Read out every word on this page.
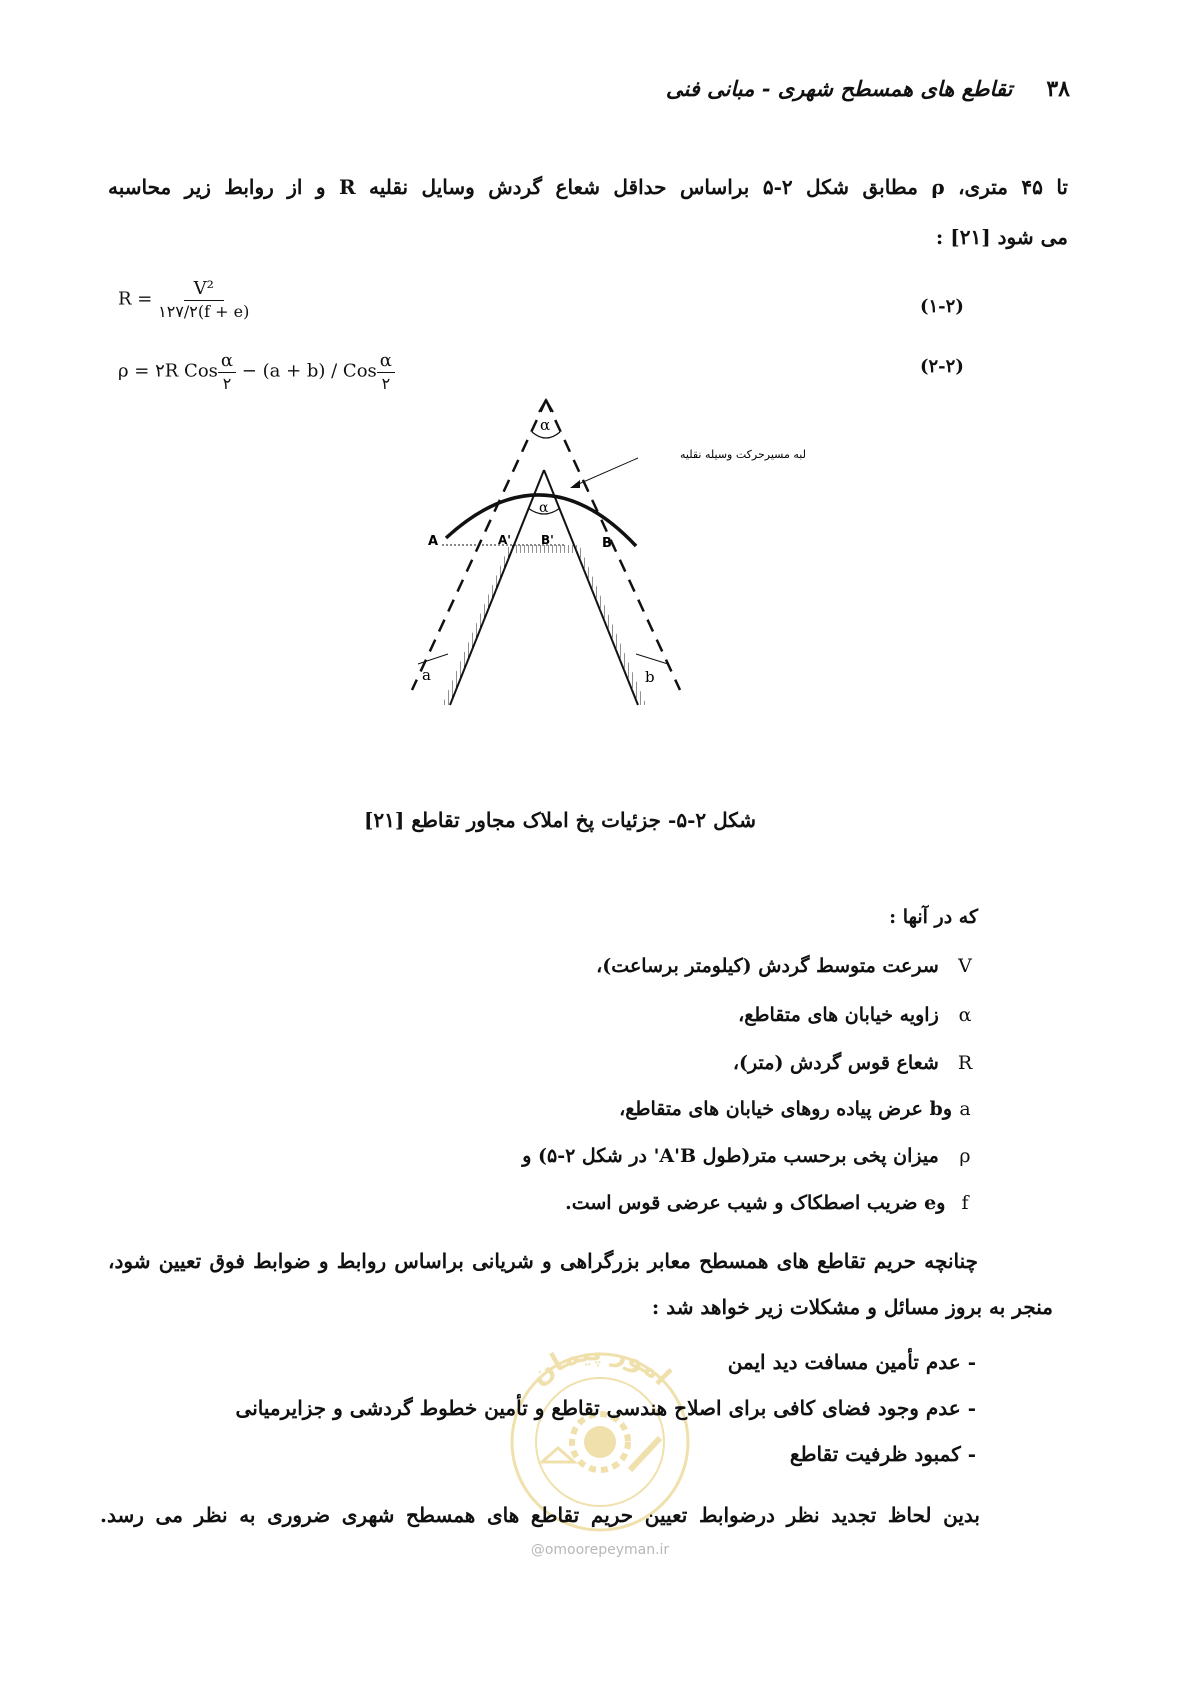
۳۸تقاطع های همسطح شهری - مبانی فنی
تا ۴۵ متری، ρ مطابق شکل ۲-۵ براساس حداقل شعاع گردش وسایل نقلیه R و از روابط زیر محاسبه
می شود [۲۱] :
$R = \frac{\text{V²}}{۱۲۷/۲(f + e)}$	(۱-۲)
ρ = ۲R Cos $\frac{\alpha}{۲} - (a + b)$ / Cos $\frac{\alpha}{۲}$	(۲-۲)
α
α
لبه مسیرحرکت وسیله نقلیه
A	A'	B'	B
a	b
شکل ۲-۵- جزئیات پخ املاک مجاور تقاطع [۲۱]
که در آنها :
V  سرعت متوسط گردش (کیلومتر برساعت)،
α  زاویه خیابان های متقاطع،
R  شعاع قوس گردش (متر)،
aوb عرض پیاده روهای خیابان های متقاطع،
ρ  میزان پخی برحسب متر(طول A'B' در شکل ۲-۵) و
f وe ضریب اصطکاک و شیب عرضی قوس است.
چنانچه حریم تقاطع های همسطح معابر بزرگراهی و شریانی براساس روابط و ضوابط فوق تعیین شود،
منجر به بروز مسائل و مشکلات زیر خواهد شد :
امور پیمان
- عدم تأمین مسافت دید ایمن
- عدم وجود فضای کافی برای اصلاح هندسی تقاطع و تأمین خطوط گردشی و جزایرمیانی
- کمبود ظرفیت تقاطع
بدین لحاظ تجدید نظر درضوابط تعیین حریم تقاطع های همسطح شهری ضروری به نظر می رسد.
@omoorepeyman.ir
